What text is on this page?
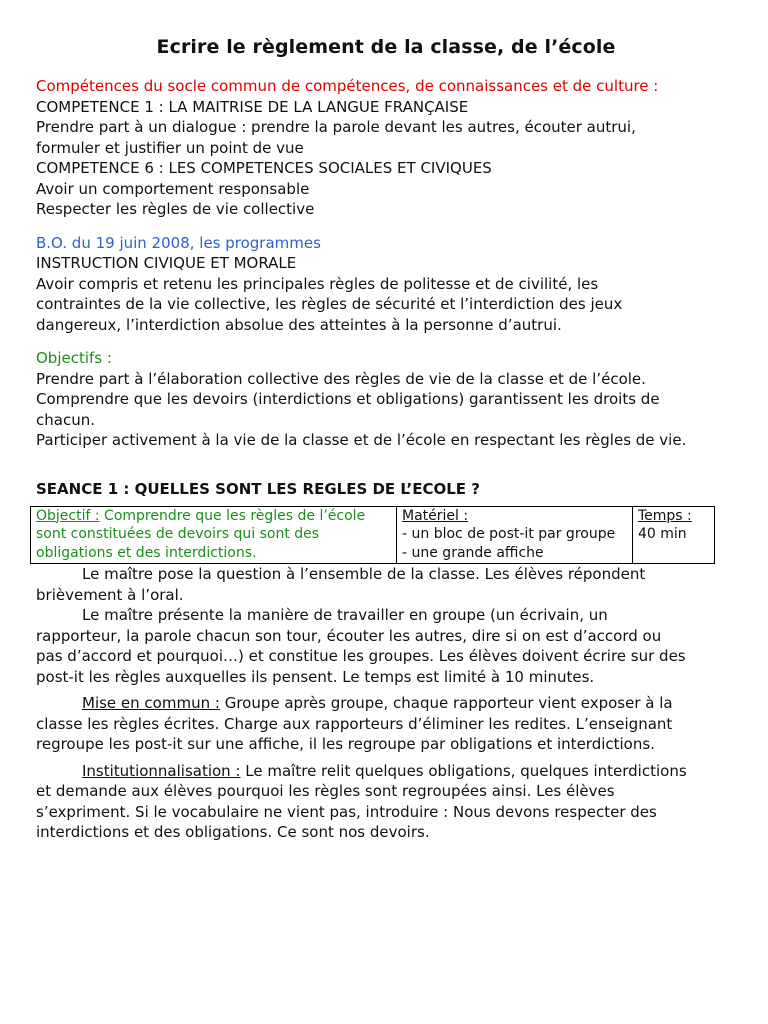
Ecrire le règlement de la classe, de l’école
Compétences du socle commun de compétences, de connaissances et de culture :
COMPETENCE 1 : LA MAITRISE DE LA LANGUE FRANÇAISE
Prendre part à un dialogue : prendre la parole devant les autres, écouter autrui,
formuler et justifier un point de vue
COMPETENCE 6 : LES COMPETENCES SOCIALES ET CIVIQUES
Avoir un comportement responsable
Respecter les règles de vie collective
B.O. du 19 juin 2008, les programmes
INSTRUCTION CIVIQUE ET MORALE
Avoir compris et retenu les principales règles de politesse et de civilité, les
contraintes de la vie collective, les règles de sécurité et l’interdiction des jeux
dangereux, l’interdiction absolue des atteintes à la personne d’autrui.
Objectifs :
Prendre part à l’élaboration collective des règles de vie de la classe et de l’école.
Comprendre que les devoirs (interdictions et obligations) garantissent les droits de
chacun.
Participer activement à la vie de la classe et de l’école en respectant les règles de vie.
SEANCE 1 : QUELLES SONT LES REGLES DE L’ECOLE ?
Objectif : Comprendre que les règles de l’école
sont constituées de devoirs qui sont des
obligations et des interdictions.

Matériel :
- un bloc de post-it par groupe
- une grande affiche

Temps :
40 min
Le maître pose la question à l’ensemble de la classe. Les élèves répondent
brièvement à l’oral.
Le maître présente la manière de travailler en groupe (un écrivain, un
rapporteur, la parole chacun son tour, écouter les autres, dire si on est d’accord ou
pas d’accord et pourquoi…) et constitue les groupes. Les élèves doivent écrire sur des
post-it les règles auxquelles ils pensent. Le temps est limité à 10 minutes.
Mise en commun : Groupe après groupe, chaque rapporteur vient exposer à la
classe les règles écrites. Charge aux rapporteurs d’éliminer les redites. L’enseignant
regroupe les post-it sur une affiche, il les regroupe par obligations et interdictions.
Institutionnalisation : Le maître relit quelques obligations, quelques interdictions
et demande aux élèves pourquoi les règles sont regroupées ainsi. Les élèves
s’expriment. Si le vocabulaire ne vient pas, introduire : Nous devons respecter des
interdictions et des obligations. Ce sont nos devoirs.
